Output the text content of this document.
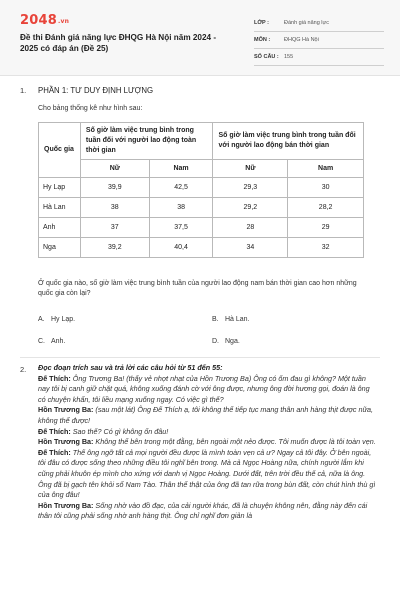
2048.vn
Đề thi Đánh giá năng lực ĐHQG Hà Nội năm 2024 - 2025 có đáp án (Đề 25)
LỚP :	Đánh giá năng lực
MÔN :	ĐHQG Hà Nội
SỐ CÂU : 155
1. PHẦN 1: TƯ DUY ĐỊNH LƯỢNG
Cho bảng thống kê như hình sau:
Quốc gia	Số giờ làm việc trung bình trong tuần đối với người lao động toàn thời gian		Số giờ làm việc trung bình trong tuần đối với người lao động bán thời gian	
	Nữ	Nam	Nữ	Nam
Hy Lạp	39,9	42,5	29,3	30
Hà Lan	38	38	29,2	28,2
Anh	37	37,5	28	29
Nga	39,2	40,4	34	32
Ở quốc gia nào, số giờ làm việc trung bình tuần của người lao động nam bán thời gian cao hơn những quốc gia còn lại?
A. Hy Lạp.	B. Hà Lan.
C. Anh.	D. Nga.
2. Đọc đoạn trích sau và trả lời các câu hỏi từ 51 đến 55:

Đế Thích: Ông Trương Ba! (thấy vẻ nhợt nhạt của Hồn Trương Ba) Ông có ốm đau gì không? Một tuần nay tôi bị canh giữ chặt quá, không xuống đánh cờ với ông được, nhưng ông đời hương gọi, đoán là ông có chuyện khẩn, tôi liều mạng xuống ngay. Có việc gì thế?

Hồn Trương Ba: (sau một lát) Ông Đế Thích ạ, tôi không thể tiếp tục mang thân anh hàng thịt được nữa, không thể được!

Đế Thích: Sao thế? Có gì không ổn đâu!

Hồn Trương Ba: Không thể bên trong một đằng, bên ngoài một nẻo được. Tôi muốn được là tôi toàn vẹn.

Đế Thích: Thế ông ngỡ tất cả mọi người đều được là mình toàn vẹn cả ư? Ngay cả tôi đây. Ở bên ngoài, tôi đâu có được sống theo những điều tôi nghĩ bên trong. Mà cả Ngọc Hoàng nữa, chính người lắm khi cũng phải khuôn ép mình cho xứng với danh vị Ngọc Hoàng. Dưới đất, trên trời đều thế cả, nữa là ông. Ông đã bị gạch tên khỏi sổ Nam Tào. Thân thể thật của ông đã tan rữa trong bùn đất, còn chút hình thù gì của ông đâu!

Hồn Trương Ba: Sống nhờ vào đồ đạc, của cải người khác, đã là chuyện không nên, đằng này đến cái thân tôi cũng phải sống nhờ anh hàng thịt. Ông chỉ nghĩ đơn giản là
